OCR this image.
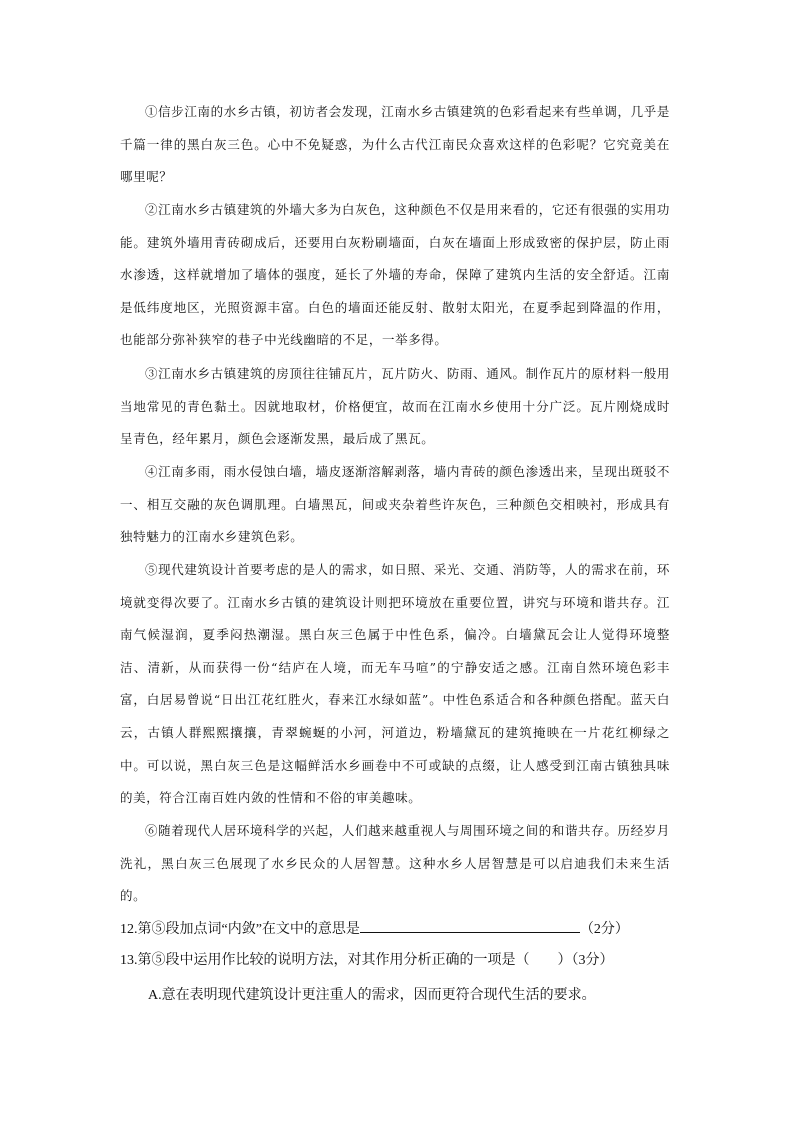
①信步江南的水乡古镇，初访者会发现，江南水乡古镇建筑的色彩看起来有些单调，几乎是千篇一律的黑白灰三色。心中不免疑惑，为什么古代江南民众喜欢这样的色彩呢？它究竟美在哪里呢？

②江南水乡古镇建筑的外墙大多为白灰色，这种颜色不仅是用来看的，它还有很强的实用功能。建筑外墙用青砖砌成后，还要用白灰粉刷墙面，白灰在墙面上形成致密的保护层，防止雨水渗透，这样就增加了墙体的强度，延长了外墙的寿命，保障了建筑内生活的安全舒适。江南是低纬度地区，光照资源丰富。白色的墙面还能反射、散射太阳光，在夏季起到降温的作用，也能部分弥补狭窄的巷子中光线幽暗的不足，一举多得。

③江南水乡古镇建筑的房顶往往铺瓦片，瓦片防火、防雨、通风。制作瓦片的原材料一般用当地常见的青色黏土。因就地取材，价格便宜，故而在江南水乡使用十分广泛。瓦片刚烧成时呈青色，经年累月，颜色会逐渐发黑，最后成了黑瓦。

④江南多雨，雨水侵蚀白墙，墙皮逐渐溶解剥落，墙内青砖的颜色渗透出来，呈现出斑驳不一、相互交融的灰色调肌理。白墙黑瓦，间或夹杂着些许灰色，三种颜色交相映衬，形成具有独特魅力的江南水乡建筑色彩。

⑤现代建筑设计首要考虑的是人的需求，如日照、采光、交通、消防等，人的需求在前，环境就变得次要了。江南水乡古镇的建筑设计则把环境放在重要位置，讲究与环境和谐共存。江南气候湿润，夏季闷热潮湿。黑白灰三色属于中性色系，偏冷。白墙黛瓦会让人觉得环境整洁、清新，从而获得一份“结庐在人境，而无车马喧”的宁静安适之感。江南自然环境色彩丰富，白居易曾说“日出江花红胜火，春来江水绿如蓝”。中性色系适合和各种颜色搭配。蓝天白云，古镇人群熙熙攘攘，青翠蜿蜒的小河，河道边，粉墙黛瓦的建筑掩映在一片花红柳绿之中。可以说，黑白灰三色是这幅鲜活水乡画卷中不可或缺的点缀，让人感受到江南古镇独具味的美，符合江南百姓内敛的性情和不俗的审美趣味。

⑥随着现代人居环境科学的兴起，人们越来越重视人与周围环境之间的和谐共存。历经岁月洗礼，黑白灰三色展现了水乡民众的人居智慧。这种水乡人居智慧是可以启迪我们未来生活的。

12.第⑤段加点词“内敛”在文中的意思是	（2分）

13.第⑤段中运用作比较的说明方法，对其作用分析正确的一项是（　　）（3分）

A.意在表明现代建筑设计更注重人的需求，因而更符合现代生活的要求。
